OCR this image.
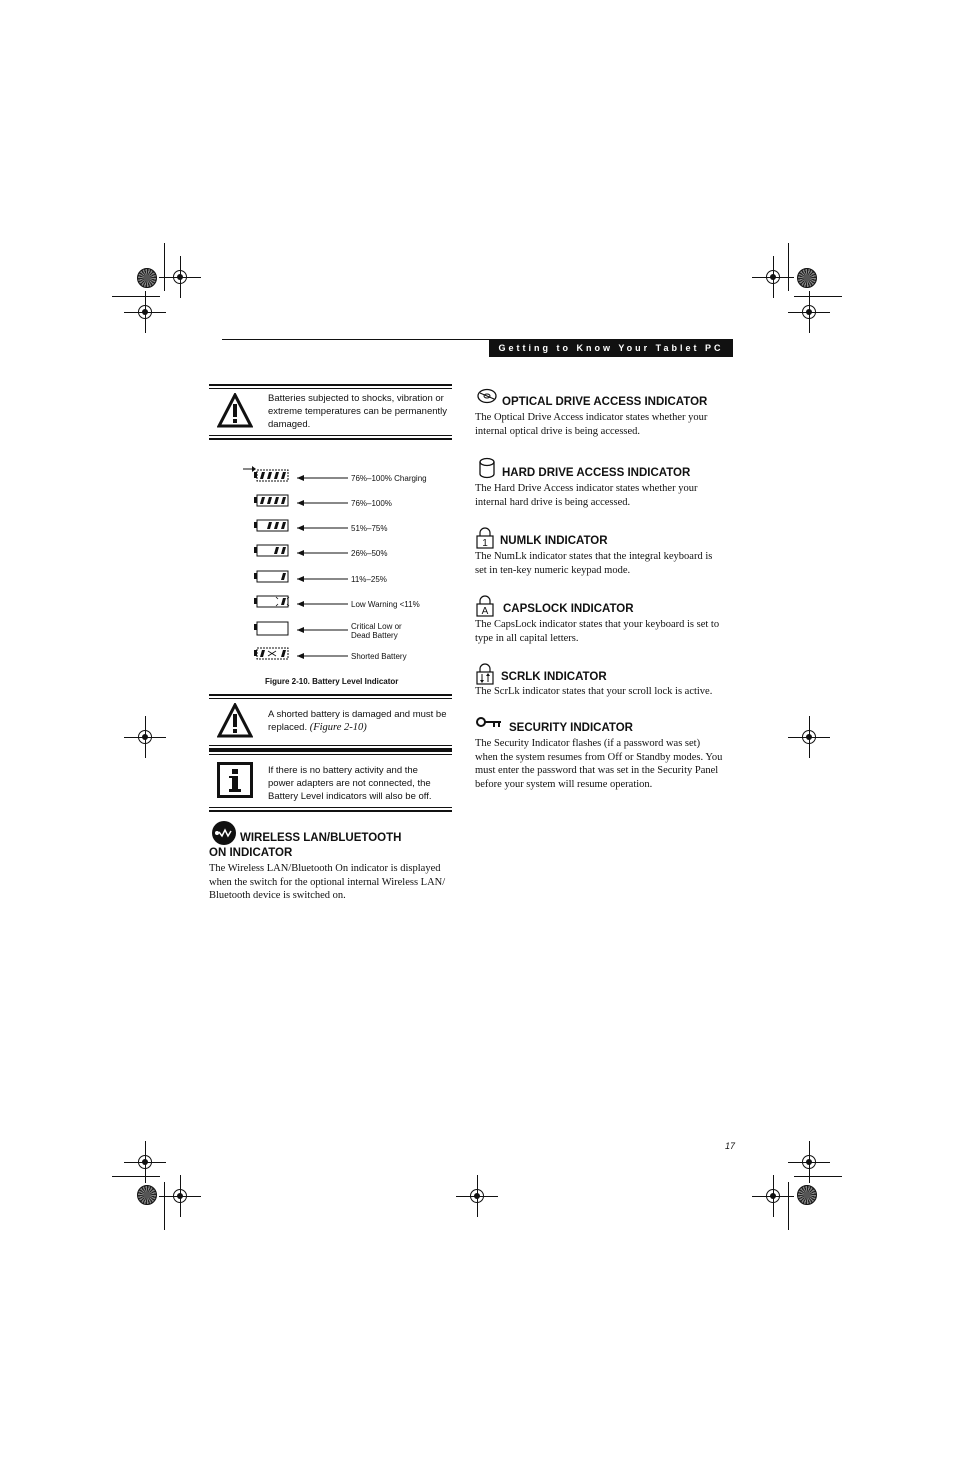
Getting to Know Your Tablet PC
Batteries subjected to shocks, vibration or extreme temperatures can be permanently damaged.
76%–100% Charging
76%–100%
51%–75%
26%–50%
11%–25%
Low Warning <11%
Critical Low or Dead Battery
Shorted Battery
Figure 2-10. Battery Level Indicator
A shorted battery is damaged and must be replaced. (Figure 2-10)
If there is no battery activity and the power adapters are not connected, the Battery Level indicators will also be off.
WIRELESS LAN/BLUETOOTH
ON INDICATOR
The Wireless LAN/Bluetooth On indicator is displayed when the switch for the optional internal Wireless LAN/ Bluetooth device is switched on.
OPTICAL DRIVE ACCESS INDICATOR
The Optical Drive Access indicator states whether your internal optical drive is being accessed.
HARD DRIVE ACCESS INDICATOR
The Hard Drive Access indicator states whether your internal hard drive is being accessed.
1 NUMLK INDICATOR
The NumLk indicator states that the integral keyboard is set in ten-key numeric keypad mode.
A CAPSLOCK INDICATOR
The CapsLock indicator states that your keyboard is set to type in all capital letters.
SCRLK INDICATOR
The ScrLk indicator states that your scroll lock is active.
SECURITY INDICATOR
The Security Indicator flashes (if a password was set) when the system resumes from Off or Standby modes. You must enter the password that was set in the Security Panel before your system will resume operation.
17
